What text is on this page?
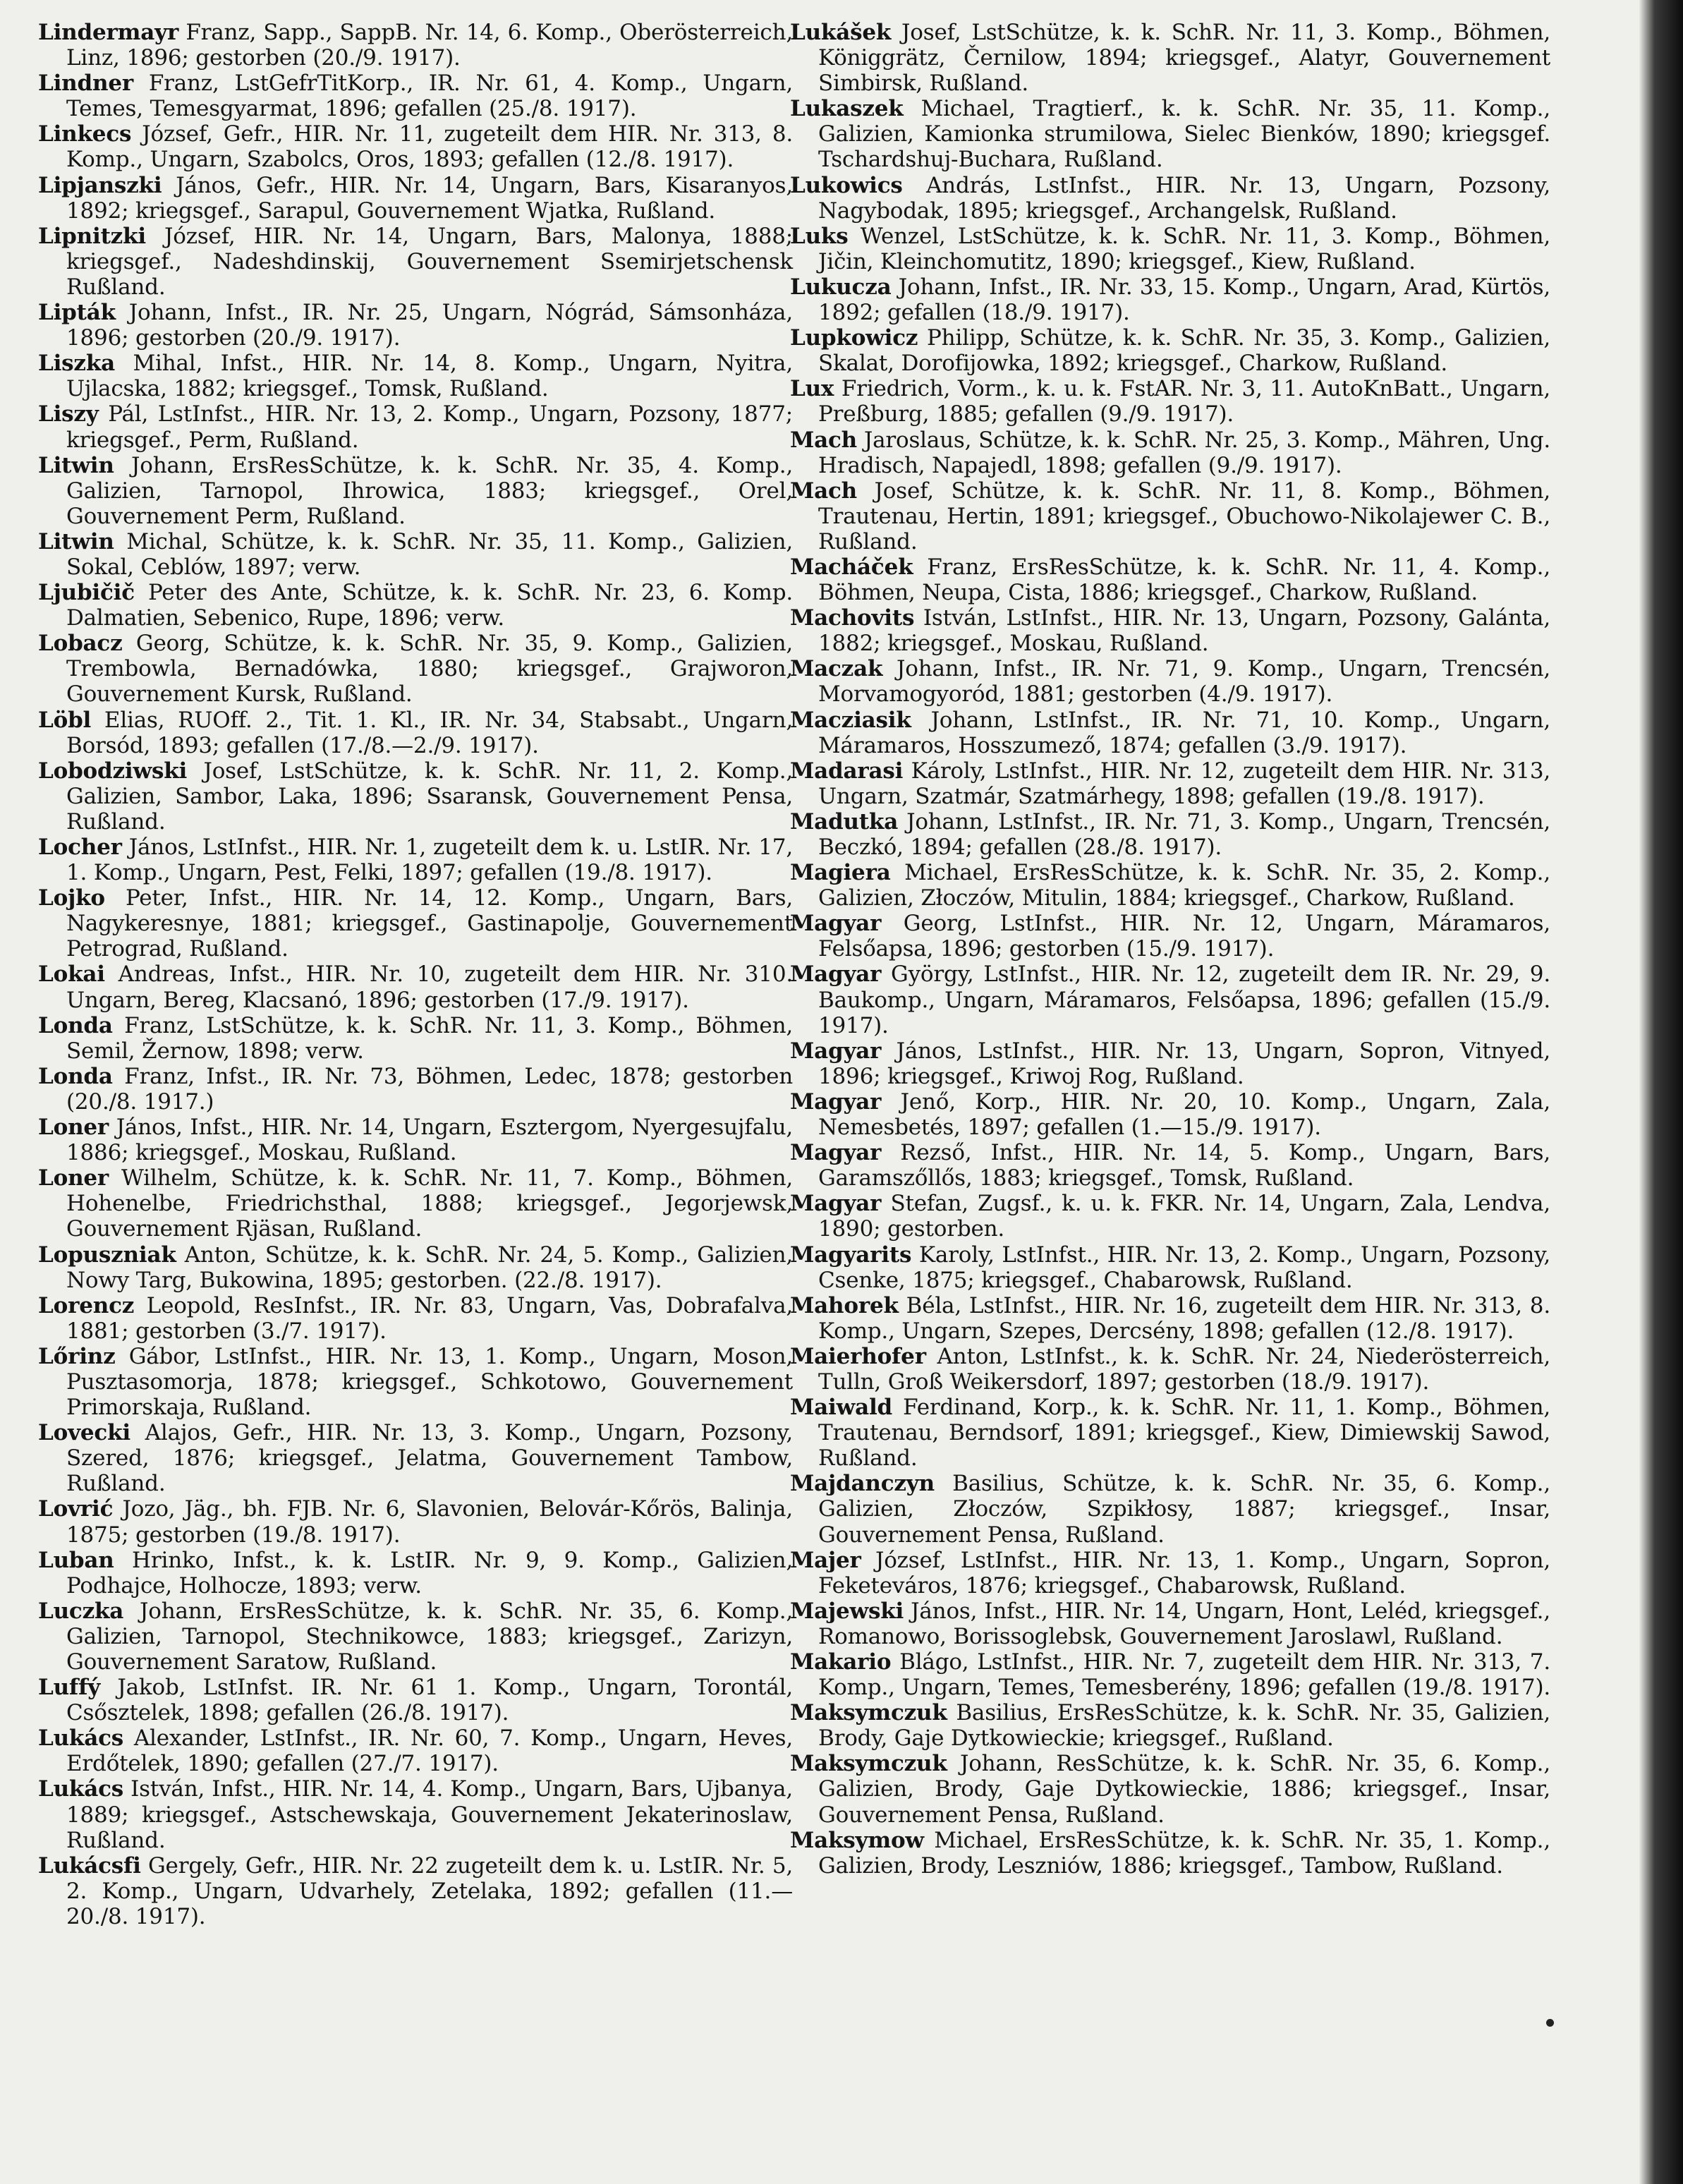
Lindermayr Franz, Sapp., SappB. Nr. 14, 6. Komp., Oberösterreich, Linz, 1896; gestorben (20./9. 1917).

Lindner Franz, LstGefrTitKorp., IR. Nr. 61, 4. Komp., Ungarn, Temes, Temesgyarmat, 1896; gefallen (25./8. 1917).

Linkecs József, Gefr., HIR. Nr. 11, zugeteilt dem HIR. Nr. 313, 8. Komp., Ungarn, Szabolcs, Oros, 1893; gefallen (12./8. 1917).

Lipjanszki János, Gefr., HIR. Nr. 14, Ungarn, Bars, Kisaranyos, 1892; kriegsgef., Sarapul, Gouvernement Wjatka, Rußland.

Lipnitzki József, HIR. Nr. 14, Ungarn, Bars, Malonya, 1888; kriegsgef., Nadeshdinskij, Gouvernement Ssemirjetschensk Rußland.

Lipták Johann, Infst., IR. Nr. 25, Ungarn, Nógrád, Sámsonháza, 1896; gestorben (20./9. 1917).

Liszka Mihal, Infst., HIR. Nr. 14, 8. Komp., Ungarn, Nyitra, Ujlacska, 1882; kriegsgef., Tomsk, Rußland.

Liszy Pál, LstInfst., HIR. Nr. 13, 2. Komp., Ungarn, Pozsony, 1877; kriegsgef., Perm, Rußland.

Litwin Johann, ErsResSchütze, k. k. SchR. Nr. 35, 4. Komp., Galizien, Tarnopol, Ihrowica, 1883; kriegsgef., Orel, Gouvernement Perm, Rußland.

Litwin Michal, Schütze, k. k. SchR. Nr. 35, 11. Komp., Galizien, Sokal, Ceblów, 1897; verw.

Ljubičič Peter des Ante, Schütze, k. k. SchR. Nr. 23, 6. Komp. Dalmatien, Sebenico, Rupe, 1896; verw.

Lobacz Georg, Schütze, k. k. SchR. Nr. 35, 9. Komp., Galizien, Trembowla, Bernadówka, 1880; kriegsgef., Grajworon, Gouvernement Kursk, Rußland.

Löbl Elias, RUOff. 2., Tit. 1. Kl., IR. Nr. 34, Stabsabt., Ungarn, Borsód, 1893; gefallen (17./8.—2./9. 1917).

Lobodziwski Josef, LstSchütze, k. k. SchR. Nr. 11, 2. Komp., Galizien, Sambor, Laka, 1896; Ssaransk, Gouvernement Pensa, Rußland.

Locher János, LstInfst., HIR. Nr. 1, zugeteilt dem k. u. LstIR. Nr. 17, 1. Komp., Ungarn, Pest, Felki, 1897; gefallen (19./8. 1917).

Lojko Peter, Infst., HIR. Nr. 14, 12. Komp., Ungarn, Bars, Nagykeresnye, 1881; kriegsgef., Gastinapolje, Gouvernement Petrograd, Rußland.

Lokai Andreas, Infst., HIR. Nr. 10, zugeteilt dem HIR. Nr. 310. Ungarn, Bereg, Klacsanó, 1896; gestorben (17./9. 1917).

Londa Franz, LstSchütze, k. k. SchR. Nr. 11, 3. Komp., Böhmen, Semil, Žernow, 1898; verw.

Londa Franz, Infst., IR. Nr. 73, Böhmen, Ledec, 1878; gestorben (20./8. 1917.)

Loner János, Infst., HIR. Nr. 14, Ungarn, Esztergom, Nyergesujfalu, 1886; kriegsgef., Moskau, Rußland.

Loner Wilhelm, Schütze, k. k. SchR. Nr. 11, 7. Komp., Böhmen, Hohenelbe, Friedrichsthal, 1888; kriegsgef., Jegorjewsk, Gouvernement Rjäsan, Rußland.

Lopuszniak Anton, Schütze, k. k. SchR. Nr. 24, 5. Komp., Galizien, Nowy Targ, Bukowina, 1895; gestorben. (22./8. 1917).

Lorencz Leopold, ResInfst., IR. Nr. 83, Ungarn, Vas, Dobrafalva, 1881; gestorben (3./7. 1917).

Lőrinz Gábor, LstInfst., HIR. Nr. 13, 1. Komp., Ungarn, Moson, Pusztasomorja, 1878; kriegsgef., Schkotowo, Gouvernement Primorskaja, Rußland.

Lovecki Alajos, Gefr., HIR. Nr. 13, 3. Komp., Ungarn, Pozsony, Szered, 1876; kriegsgef., Jelatma, Gouvernement Tambow, Rußland.

Lovrić Jozo, Jäg., bh. FJB. Nr. 6, Slavonien, Belovár-Kőrös, Balinja, 1875; gestorben (19./8. 1917).

Luban Hrinko, Infst., k. k. LstIR. Nr. 9, 9. Komp., Galizien, Podhajce, Holhocze, 1893; verw.

Luczka Johann, ErsResSchütze, k. k. SchR. Nr. 35, 6. Komp., Galizien, Tarnopol, Stechnikowce, 1883; kriegsgef., Zarizyn, Gouvernement Saratow, Rußland.

Luffý Jakob, LstInfst. IR. Nr. 61 1. Komp., Ungarn, Torontál, Csősztelek, 1898; gefallen (26./8. 1917).

Lukács Alexander, LstInfst., IR. Nr. 60, 7. Komp., Ungarn, Heves, Erdőtelek, 1890; gefallen (27./7. 1917).

Lukács István, Infst., HIR. Nr. 14, 4. Komp., Ungarn, Bars, Ujbanya, 1889; kriegsgef., Astschewskaja, Gouvernement Jekaterinoslaw, Rußland.

Lukácsfi Gergely, Gefr., HIR. Nr. 22 zugeteilt dem k. u. LstIR. Nr. 5, 2. Komp., Ungarn, Udvarhely, Zetelaka, 1892; gefallen (11.—20./8. 1917).

Lukášek Josef, LstSchütze, k. k. SchR. Nr. 11, 3. Komp., Böhmen, Königgrätz, Černilow, 1894; kriegsgef., Alatyr, Gouvernement Simbirsk, Rußland.

Lukaszek Michael, Tragtierf., k. k. SchR. Nr. 35, 11. Komp., Galizien, Kamionka strumilowa, Sielec Bienków, 1890; kriegsgef. Tschardshuj-Buchara, Rußland.

Lukowics András, LstInfst., HIR. Nr. 13, Ungarn, Pozsony, Nagybodak, 1895; kriegsgef., Archangelsk, Rußland.

Luks Wenzel, LstSchütze, k. k. SchR. Nr. 11, 3. Komp., Böhmen, Jičin, Kleinchomutitz, 1890; kriegsgef., Kiew, Rußland.

Lukucza Johann, Infst., IR. Nr. 33, 15. Komp., Ungarn, Arad, Kürtös, 1892; gefallen (18./9. 1917).

Lupkowicz Philipp, Schütze, k. k. SchR. Nr. 35, 3. Komp., Galizien, Skalat, Dorofijowka, 1892; kriegsgef., Charkow, Rußland.

Lux Friedrich, Vorm., k. u. k. FstAR. Nr. 3, 11. AutoKnBatt., Ungarn, Preßburg, 1885; gefallen (9./9. 1917).

Mach Jaroslaus, Schütze, k. k. SchR. Nr. 25, 3. Komp., Mähren, Ung. Hradisch, Napajedl, 1898; gefallen (9./9. 1917).

Mach Josef, Schütze, k. k. SchR. Nr. 11, 8. Komp., Böhmen, Trautenau, Hertin, 1891; kriegsgef., Obuchowo-Nikolajewer C. B., Rußland.

Macháček Franz, ErsResSchütze, k. k. SchR. Nr. 11, 4. Komp., Böhmen, Neupa, Cista, 1886; kriegsgef., Charkow, Rußland.

Machovits István, LstInfst., HIR. Nr. 13, Ungarn, Pozsony, Galánta, 1882; kriegsgef., Moskau, Rußland.

Maczak Johann, Infst., IR. Nr. 71, 9. Komp., Ungarn, Trencsén, Morvamogyoród, 1881; gestorben (4./9. 1917).

Macziasik Johann, LstInfst., IR. Nr. 71, 10. Komp., Ungarn, Máramaros, Hosszumező, 1874; gefallen (3./9. 1917).

Madarasi Károly, LstInfst., HIR. Nr. 12, zugeteilt dem HIR. Nr. 313, Ungarn, Szatmár, Szatmárhegy, 1898; gefallen (19./8. 1917).

Madutka Johann, LstInfst., IR. Nr. 71, 3. Komp., Ungarn, Trencsén, Beczkó, 1894; gefallen (28./8. 1917).

Magiera Michael, ErsResSchütze, k. k. SchR. Nr. 35, 2. Komp., Galizien, Złoczów, Mitulin, 1884; kriegsgef., Charkow, Rußland.

Magyar Georg, LstInfst., HIR. Nr. 12, Ungarn, Máramaros, Felsőapsa, 1896; gestorben (15./9. 1917).

Magyar György, LstInfst., HIR. Nr. 12, zugeteilt dem IR. Nr. 29, 9. Baukomp., Ungarn, Máramaros, Felsőapsa, 1896; gefallen (15./9. 1917).

Magyar János, LstInfst., HIR. Nr. 13, Ungarn, Sopron, Vitnyed, 1896; kriegsgef., Kriwoj Rog, Rußland.

Magyar Jenő, Korp., HIR. Nr. 20, 10. Komp., Ungarn, Zala, Nemesbetés, 1897; gefallen (1.—15./9. 1917).

Magyar Rezső, Infst., HIR. Nr. 14, 5. Komp., Ungarn, Bars, Garamszőllős, 1883; kriegsgef., Tomsk, Rußland.

Magyar Stefan, Zugsf., k. u. k. FKR. Nr. 14, Ungarn, Zala, Lendva, 1890; gestorben.

Magyarits Karoly, LstInfst., HIR. Nr. 13, 2. Komp., Ungarn, Pozsony, Csenke, 1875; kriegsgef., Chabarowsk, Rußland.

Mahorek Béla, LstInfst., HIR. Nr. 16, zugeteilt dem HIR. Nr. 313, 8. Komp., Ungarn, Szepes, Dercsény, 1898; gefallen (12./8. 1917).

Maierhofer Anton, LstInfst., k. k. SchR. Nr. 24, Niederösterreich, Tulln, Groß Weikersdorf, 1897; gestorben (18./9. 1917).

Maiwald Ferdinand, Korp., k. k. SchR. Nr. 11, 1. Komp., Böhmen, Trautenau, Berndsorf, 1891; kriegsgef., Kiew, Dimiewskij Sawod, Rußland.

Majdanczyn Basilius, Schütze, k. k. SchR. Nr. 35, 6. Komp., Galizien, Złoczów, Szpikłosy, 1887; kriegsgef., Insar, Gouvernement Pensa, Rußland.

Majer József, LstInfst., HIR. Nr. 13, 1. Komp., Ungarn, Sopron, Feketeváros, 1876; kriegsgef., Chabarowsk, Rußland.

Majewski János, Infst., HIR. Nr. 14, Ungarn, Hont, Leléd, kriegsgef., Romanowo, Borissoglebsk, Gouvernement Jaroslawl, Rußland.

Makario Blágo, LstInfst., HIR. Nr. 7, zugeteilt dem HIR. Nr. 313, 7. Komp., Ungarn, Temes, Temesberény, 1896; gefallen (19./8. 1917).

Maksymczuk Basilius, ErsResSchütze, k. k. SchR. Nr. 35, Galizien, Brody, Gaje Dytkowieckie; kriegsgef., Rußland.

Maksymczuk Johann, ResSchütze, k. k. SchR. Nr. 35, 6. Komp., Galizien, Brody, Gaje Dytkowieckie, 1886; kriegsgef., Insar, Gouvernement Pensa, Rußland.

Maksymow Michael, ErsResSchütze, k. k. SchR. Nr. 35, 1. Komp., Galizien, Brody, Leszniów, 1886; kriegsgef., Tambow, Rußland.
